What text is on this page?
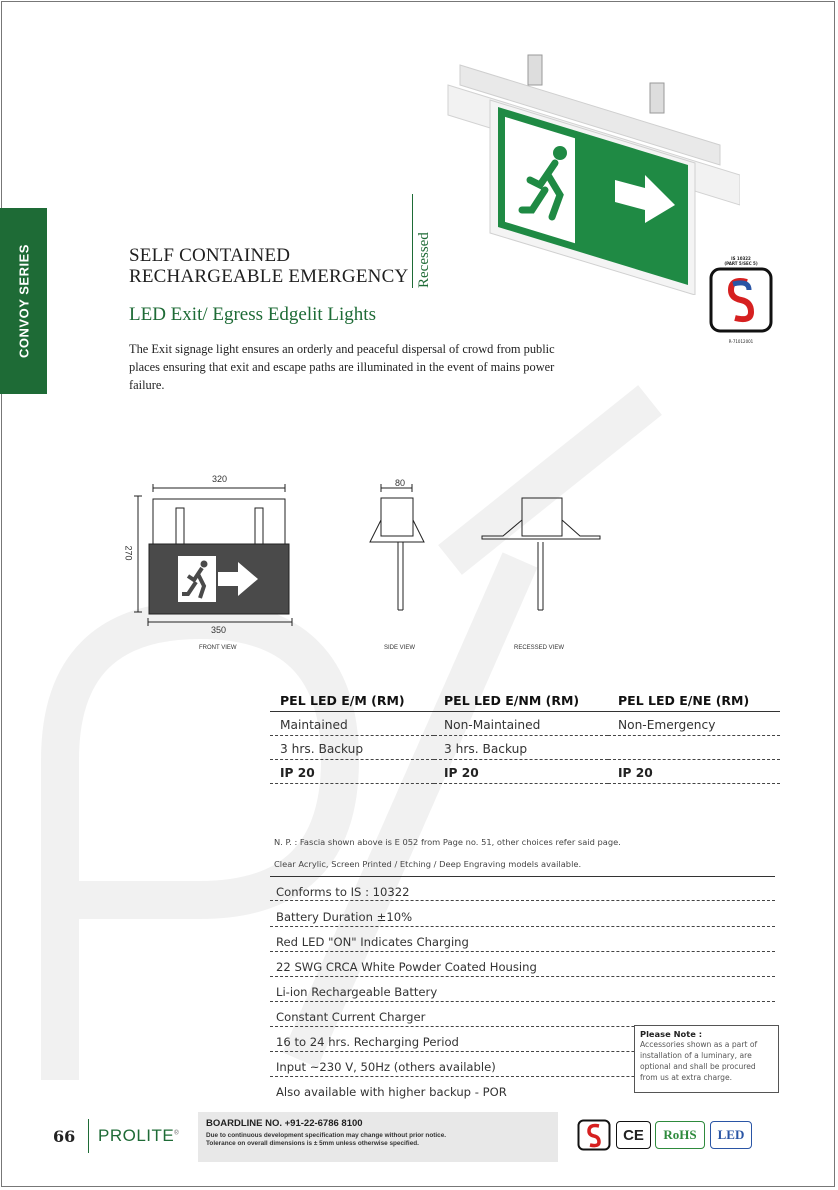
CONVOY SERIES	SELF CONTAINED
RECHARGEABLE EMERGENCY Recessed
LED Exit/ Egress Edgelit Lights
The Exit signage light ensures an orderly and peaceful dispersal of crowd from public places ensuring that exit and escape paths are illuminated in the event of mains power failure.
IS 10322
(PART 5/SEC 5)
R-71012001
320
270
350
80
FRONT VIEW	SIDE VIEW	RECESSED VIEW
PEL LED E/M (RM)	PEL LED E/NM (RM)	PEL LED E/NE (RM)
Maintained	Non-Maintained	Non-Emergency
3 hrs. Backup	3 hrs. Backup	
IP 20	IP 20	IP 20
N. P. : Fascia shown above is E 052 from Page no. 51, other choices refer said page.
Clear Acrylic, Screen Printed / Etching / Deep Engraving models available.
Conforms to IS : 10322
Battery Duration ±10%
Red LED "ON" Indicates Charging
22 SWG CRCA White Powder Coated Housing
Li-ion Rechargeable Battery
Constant Current Charger
16 to 24 hrs. Recharging Period
Input ~230 V, 50Hz (others available)
Also available with higher backup - POR
Please Note :
Accessories shown as a part of installation of a luminary, are optional and shall be procured from us at extra charge.
66 PROLITE®
BOARDLINE NO. +91-22-6786 8100
Due to continuous development specification may change without prior notice.
Tolerance on overall dimensions is ± 5mm unless otherwise specified.	CE	RoHS	LED
